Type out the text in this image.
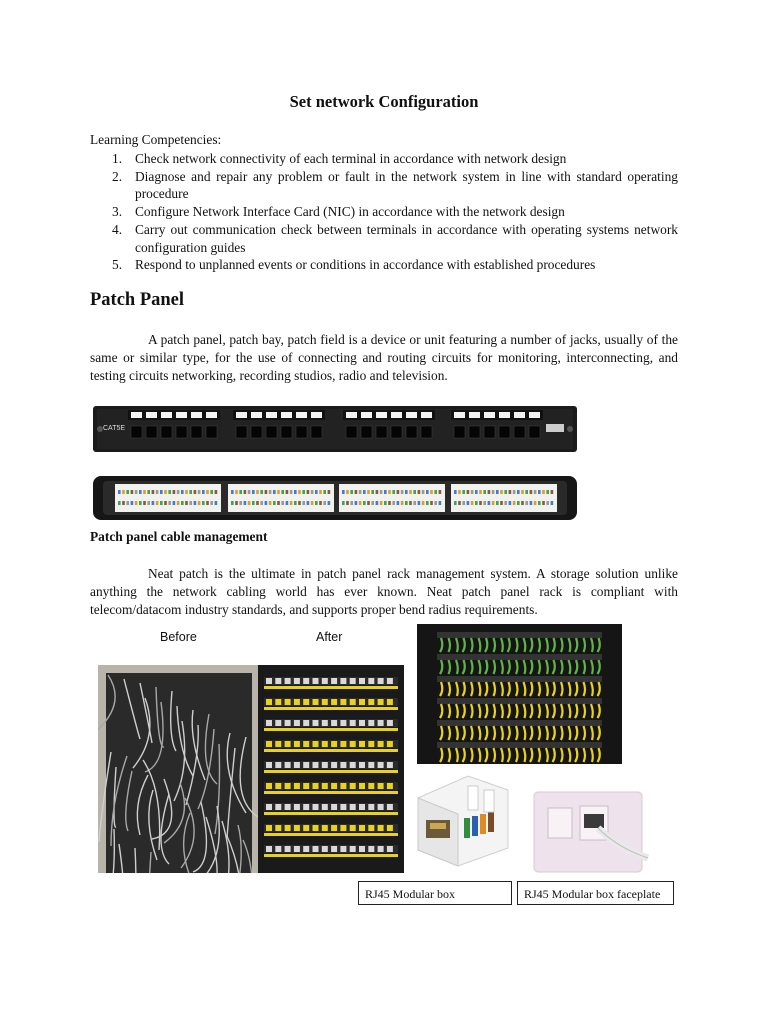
Set network Configuration
Learning Competencies:
1. Check network connectivity of each terminal in accordance with network design
2. Diagnose and repair any problem or fault in the network system in line with standard operating procedure
3. Configure Network Interface Card (NIC) in accordance with the network design
4. Carry out communication check between terminals in accordance with operating systems network configuration guides
5. Respond to unplanned events or conditions in accordance with established procedures
Patch Panel
A patch panel, patch bay, patch field is a device or unit featuring a number of jacks, usually of the same or similar type, for the use of connecting and routing circuits for monitoring, interconnecting, and testing circuits networking, recording studios, radio and television.
CAT5E
Patch panel cable management
Neat patch is the ultimate in patch panel rack management system. A storage solution unlike anything the network cabling world has ever known. Neat patch panel rack is compliant with telecom/datacom industry standards, and supports proper bend radius requirements.
Before	After
RJ45 Modular box	RJ45 Modular box faceplate
